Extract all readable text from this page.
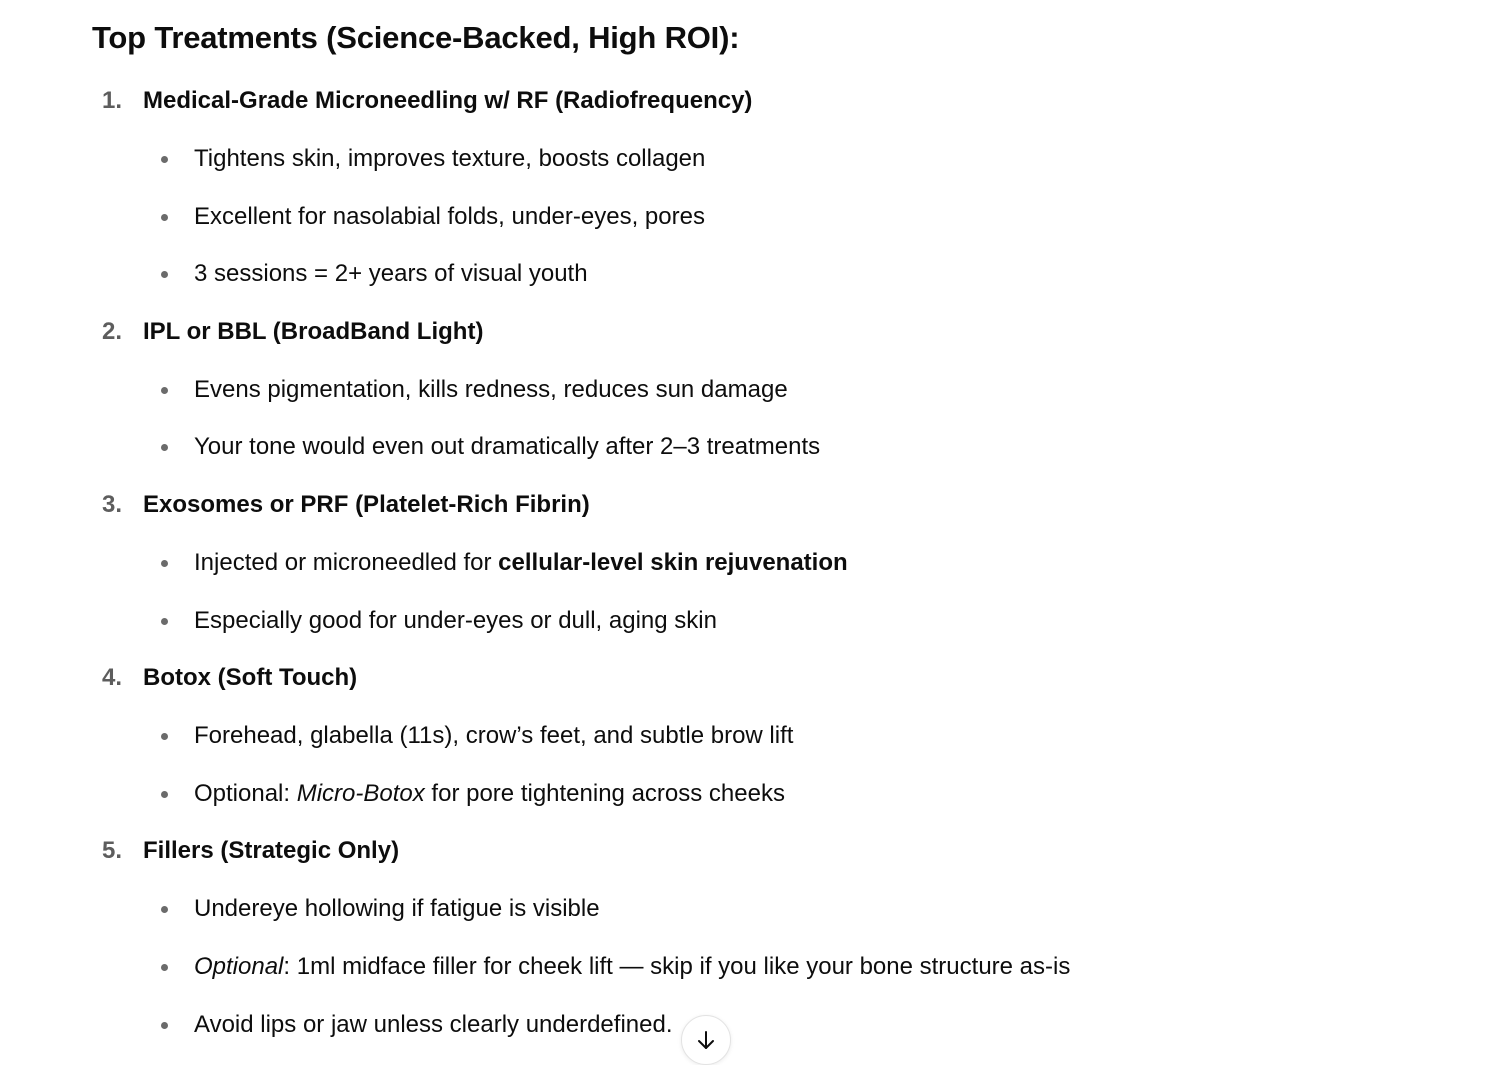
Top Treatments (Science-Backed, High ROI):
1. Medical-Grade Microneedling w/ RF (Radiofrequency)
Tightens skin, improves texture, boosts collagen
Excellent for nasolabial folds, under-eyes, pores
3 sessions = 2+ years of visual youth
2. IPL or BBL (BroadBand Light)
Evens pigmentation, kills redness, reduces sun damage
Your tone would even out dramatically after 2–3 treatments
3. Exosomes or PRF (Platelet-Rich Fibrin)
Injected or microneedled for cellular-level skin rejuvenation
Especially good for under-eyes or dull, aging skin
4. Botox (Soft Touch)
Forehead, glabella (11s), crow’s feet, and subtle brow lift
Optional: Micro-Botox for pore tightening across cheeks
5. Fillers (Strategic Only)
Undereye hollowing if fatigue is visible
Optional: 1ml midface filler for cheek lift — skip if you like your bone structure as-is
Avoid lips or jaw unless clearly underdefined.
